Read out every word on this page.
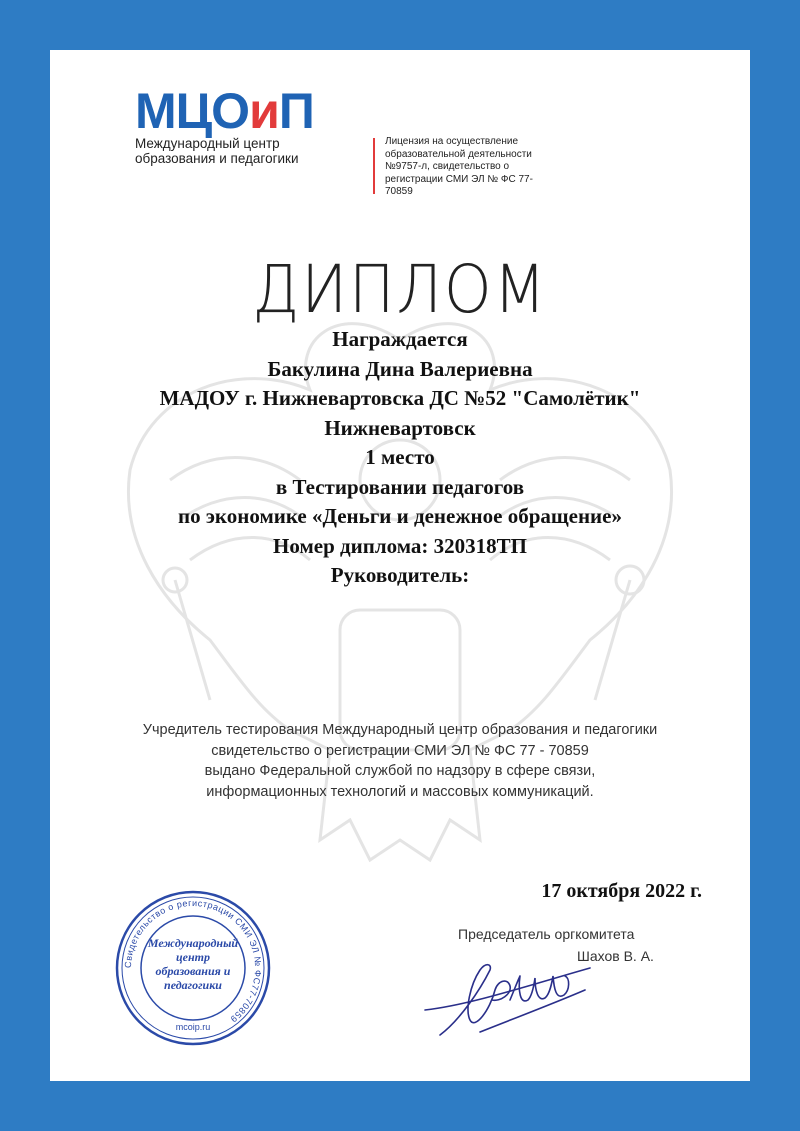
МЦОиП
Международный центр образования и педагогики
Лицензия на осуществление образовательной деятельности №9757-л, свидетельство о регистрации СМИ ЭЛ № ФС 77-70859
ДИПЛОМ
Награждается
Бакулина Дина Валериевна
МАДОУ г. Нижневартовска ДС №52 "Самолётик"
Нижневартовск
1 место
в Тестировании педагогов
по экономике «Деньги и денежное обращение»
Номер диплома: 320318ТП
Руководитель:
Учредитель тестирования Международный центр образования и педагогики
свидетельство о регистрации СМИ ЭЛ № ФС 77 - 70859
выдано Федеральной службой по надзору в сфере связи,
информационных технологий и массовых коммуникаций.
17 октября 2022 г.
Председатель оргкомитета
Шахов В. А.
Свидетельство о регистрации СМИ ЭЛ № ФС77-70859
Международный центр образования и педагогики
mcoip.ru
